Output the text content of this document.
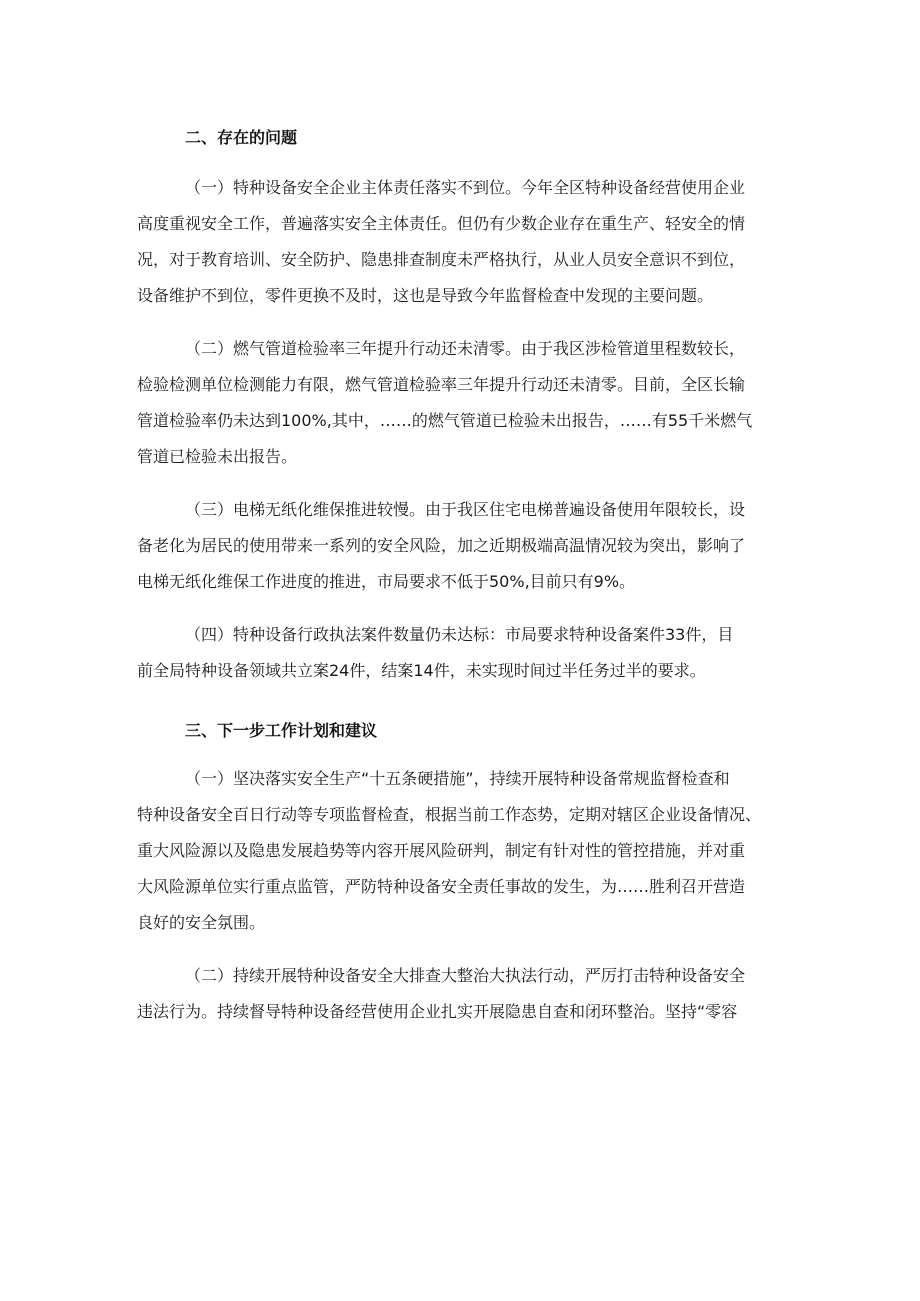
二、存在的问题
（一）特种设备安全企业主体责任落实不到位。今年全区特种设备经营使用企业
高度重视安全工作，普遍落实安全主体责任。但仍有少数企业存在重生产、轻安全的情
况，对于教育培训、安全防护、隐患排查制度未严格执行，从业人员安全意识不到位，
设备维护不到位，零件更换不及时，这也是导致今年监督检查中发现的主要问题。
（二）燃气管道检验率三年提升行动还未清零。由于我区涉检管道里程数较长，
检验检测单位检测能力有限，燃气管道检验率三年提升行动还未清零。目前，全区长输
管道检验率仍未达到100%,其中，……的燃气管道已检验未出报告，……有55千米燃气
管道已检验未出报告。
（三）电梯无纸化维保推进较慢。由于我区住宅电梯普遍设备使用年限较长，设
备老化为居民的使用带来一系列的安全风险，加之近期极端高温情况较为突出，影响了
电梯无纸化维保工作进度的推进，市局要求不低于50%,目前只有9%。
（四）特种设备行政执法案件数量仍未达标：市局要求特种设备案件33件，目
前全局特种设备领域共立案24件，结案14件，未实现时间过半任务过半的要求。
三、下一步工作计划和建议
（一）坚决落实安全生产“十五条硬措施”，持续开展特种设备常规监督检查和
特种设备安全百日行动等专项监督检查，根据当前工作态势，定期对辖区企业设备情况、
重大风险源以及隐患发展趋势等内容开展风险研判，制定有针对性的管控措施，并对重
大风险源单位实行重点监管，严防特种设备安全责任事故的发生，为……胜利召开营造
良好的安全氛围。
（二）持续开展特种设备安全大排查大整治大执法行动，严厉打击特种设备安全
违法行为。持续督导特种设备经营使用企业扎实开展隐患自查和闭环整治。坚持“零容
